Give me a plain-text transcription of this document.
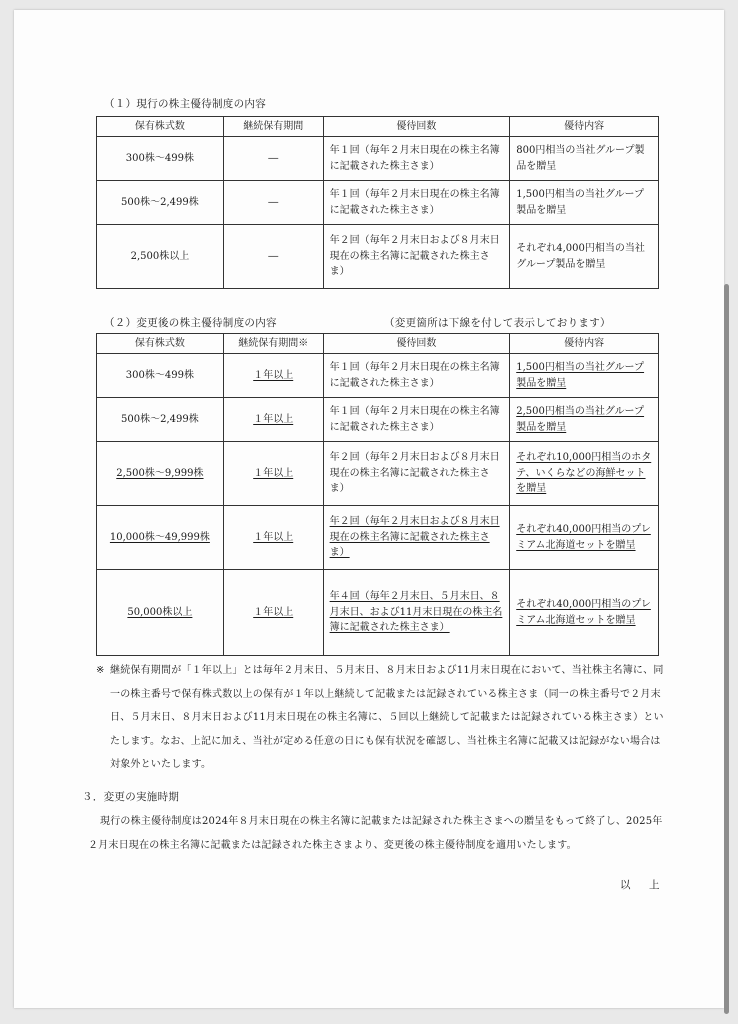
（１）現行の株主優待制度の内容
保有株式数	継続保有期間	優待回数	優待内容
300株〜499株	―	年１回（毎年２月末日現在の株主名簿に記載された株主さま）	800円相当の当社グループ製品を贈呈
500株〜2,499株	―	年１回（毎年２月末日現在の株主名簿に記載された株主さま）	1,500円相当の当社グループ製品を贈呈
2,500株以上	―	年２回（毎年２月末日および８月末日現在の株主名簿に記載された株主さま）	それぞれ4,000円相当の当社グループ製品を贈呈
（２）変更後の株主優待制度の内容	（変更箇所は下線を付して表示しております）
保有株式数	継続保有期間※	優待回数	優待内容
300株〜499株	１年以上	年１回（毎年２月末日現在の株主名簿に記載された株主さま）	1,500円相当の当社グループ製品を贈呈
500株〜2,499株	１年以上	年１回（毎年２月末日現在の株主名簿に記載された株主さま）	2,500円相当の当社グループ製品を贈呈
2,500株〜9,999株	１年以上	年２回（毎年２月末日および８月末日現在の株主名簿に記載された株主さま）	それぞれ10,000円相当のホタテ、いくらなどの海鮮セットを贈呈
10,000株〜49,999株	１年以上	年２回（毎年２月末日および８月末日現在の株主名簿に記載された株主さま）	それぞれ40,000円相当のプレミアム北海道セットを贈呈
50,000株以上	１年以上	年４回（毎年２月末日、５月末日、８月末日、および11月末日現在の株主名簿に記載された株主さま）	それぞれ40,000円相当のプレミアム北海道セットを贈呈
※ 継続保有期間が「１年以上」とは毎年２月末日、５月末日、８月末日および11月末日現在において、当社株主名簿に、同一の株主番号で保有株式数以上の保有が１年以上継続して記載または記録されている株主さま（同一の株主番号で２月末日、５月末日、８月末日および11月末日現在の株主名簿に、５回以上継続して記載または記録されている株主さま）といたします。なお、上記に加え、当社が定める任意の日にも保有状況を確認し、当社株主名簿に記載又は記録がない場合は対象外といたします。
３．変更の実施時期
現行の株主優待制度は2024年８月末日現在の株主名簿に記載または記録された株主さまへの贈呈をもって終了し、2025年２月末日現在の株主名簿に記載または記録された株主さまより、変更後の株主優待制度を適用いたします。
以　上
